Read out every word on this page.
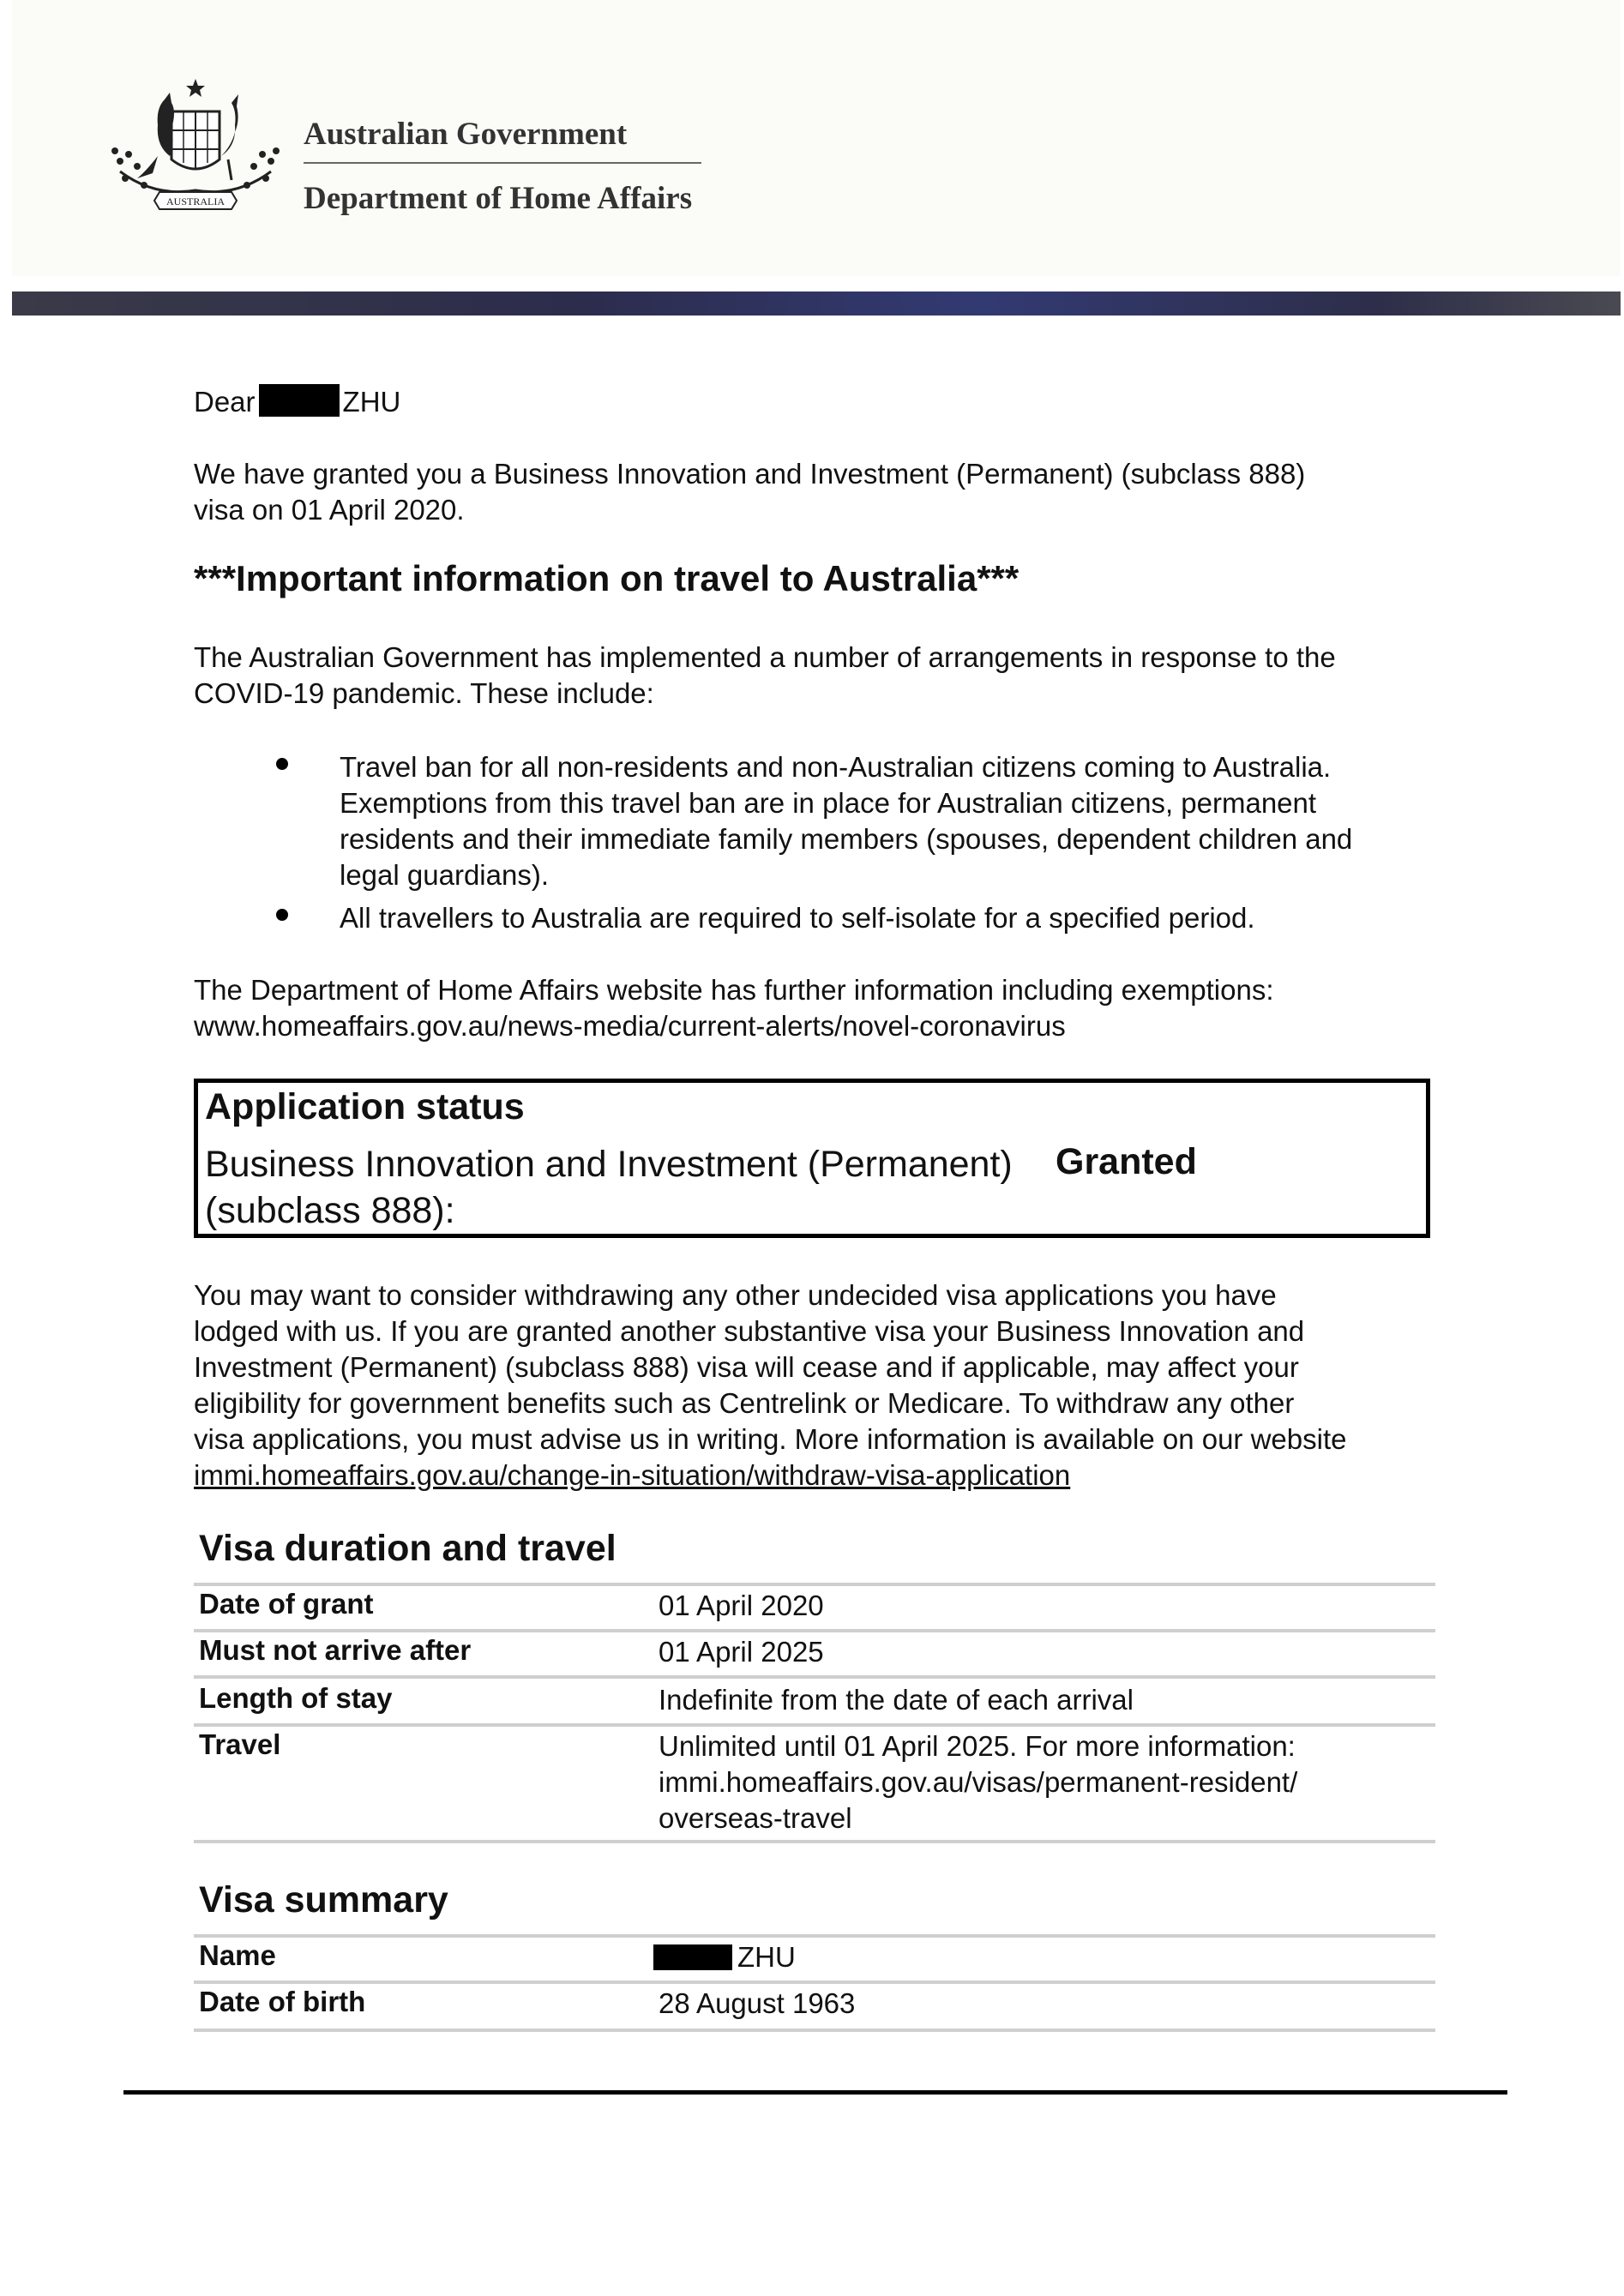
AUSTRALIA
Australian Government
Department of Home Affairs
Dear	ZHU
We have granted you a Business Innovation and Investment (Permanent) (subclass 888)
visa on 01 April 2020.
***Important information on travel to Australia***
The Australian Government has implemented a number of arrangements in response to the
COVID-19 pandemic. These include:
Travel ban for all non-residents and non-Australian citizens coming to Australia.
Exemptions from this travel ban are in place for Australian citizens, permanent
residents and their immediate family members (spouses, dependent children and
legal guardians).
All travellers to Australia are required to self-isolate for a specified period.
The Department of Home Affairs website has further information including exemptions:
www.homeaffairs.gov.au/news-media/current-alerts/novel-coronavirus
Application status
Business Innovation and Investment (Permanent)
(subclass 888):
Granted
You may want to consider withdrawing any other undecided visa applications you have
lodged with us. If you are granted another substantive visa your Business Innovation and
Investment (Permanent) (subclass 888) visa will cease and if applicable, may affect your
eligibility for government benefits such as Centrelink or Medicare. To withdraw any other
visa applications, you must advise us in writing. More information is available on our website
immi.homeaffairs.gov.au/change-in-situation/withdraw-visa-application
Visa duration and travel
Date of grant	01 April 2020
Must not arrive after	01 April 2025
Length of stay	Indefinite from the date of each arrival
Travel	Unlimited until 01 April 2025. For more information:
immi.homeaffairs.gov.au/visas/permanent-resident/
overseas-travel
Visa summary
Name	ZHU
Date of birth	28 August 1963
